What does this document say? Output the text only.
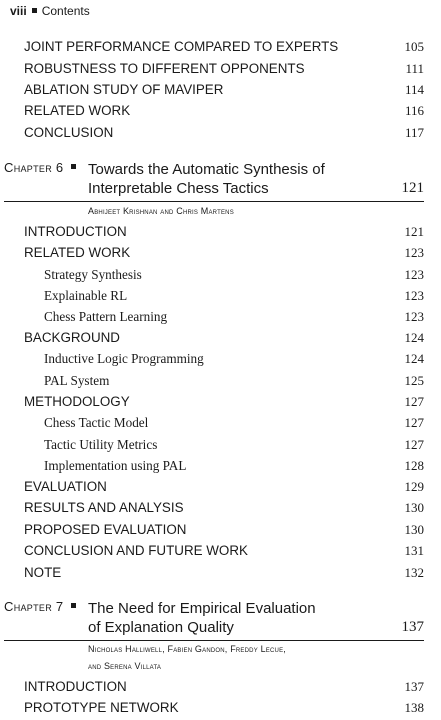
viii Contents
JOINT PERFORMANCE COMPARED TO EXPERTS	105
ROBUSTNESS TO DIFFERENT OPPONENTS	111
ABLATION STUDY OF MAVIPER	114
RELATED WORK	116
CONCLUSION	117
Chapter 6	Towards the Automatic Synthesis of
Interpretable Chess Tactics	121
Abhijeet Krishnan and Chris Martens
INTRODUCTION	121
RELATED WORK	123
Strategy Synthesis	123
Explainable RL	123
Chess Pattern Learning	123
BACKGROUND	124
Inductive Logic Programming	124
PAL System	125
METHODOLOGY	127
Chess Tactic Model	127
Tactic Utility Metrics	127
Implementation using PAL	128
EVALUATION	129
RESULTS AND ANALYSIS	130
PROPOSED EVALUATION	130
CONCLUSION AND FUTURE WORK	131
NOTE	132
Chapter 7	The Need for Empirical Evaluation
of Explanation Quality	137
Nicholas Halliwell, Fabien Gandon, Freddy Lecue,
and Serena Villata
INTRODUCTION	137
PROTOTYPE NETWORK	138
